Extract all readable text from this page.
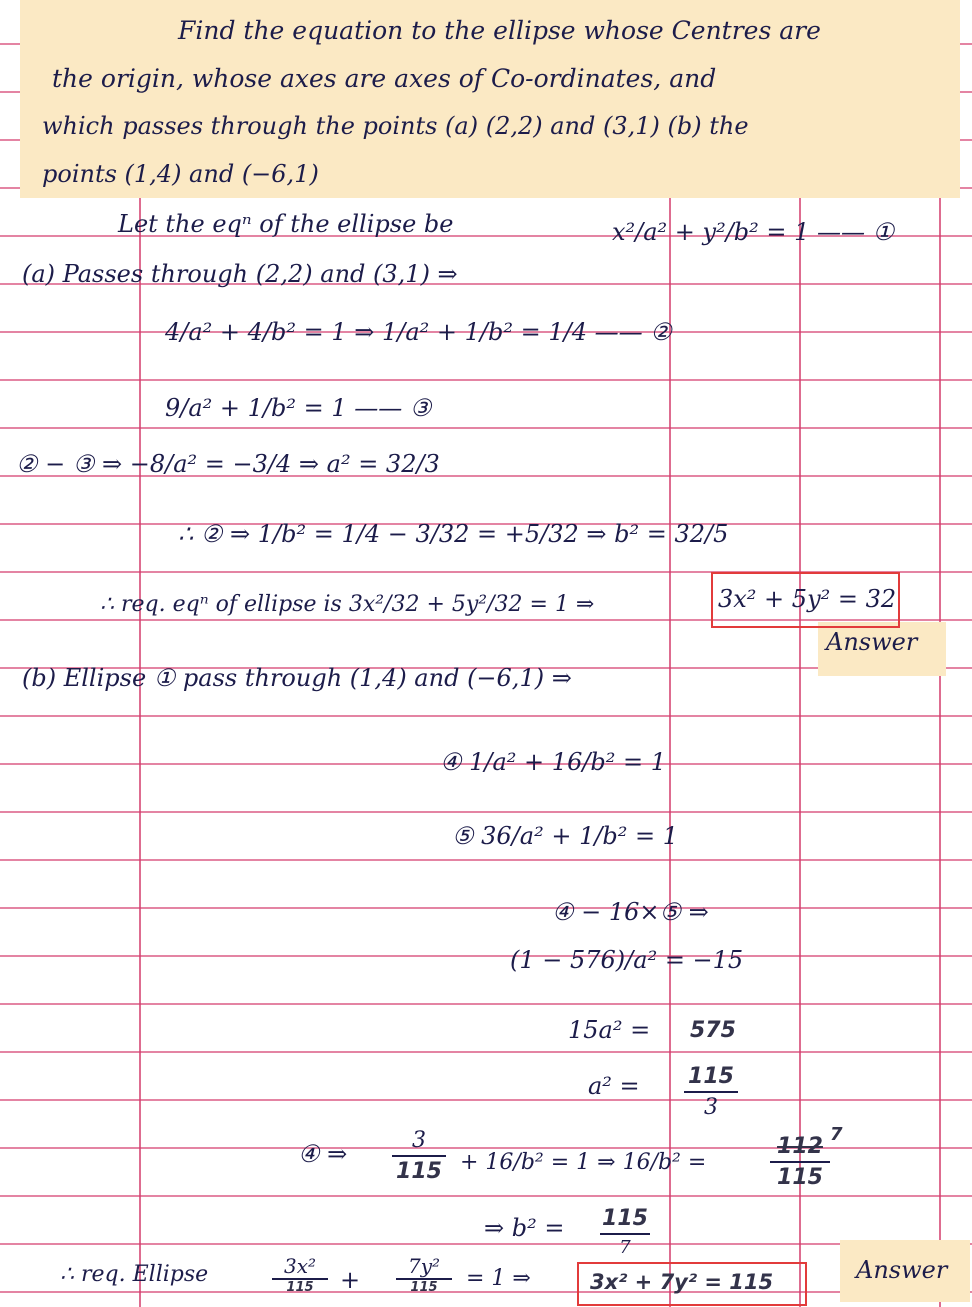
Find the equation to the ellipse whose Centres are
the origin, whose axes are axes of Co-ordinates, and
which passes through the points (a) (2,2) and (3,1) (b) the
points (1,4) and (−6,1)
Let the eqⁿ of the ellipse be	x²/a² + y²/b² = 1 —— ①
(a) Passes through (2,2) and (3,1) ⇒
4/a² + 4/b² = 1 ⇒ 1/a² + 1/b² = 1/4 —— ②
9/a² + 1/b² = 1 —— ③
② − ③ ⇒ −8/a² = −3/4 ⇒ a² = 32/3
∴ ② ⇒ 1/b² = 1/4 − 3/32 = +5/32 ⇒ b² = 32/5
∴ req. eqⁿ of ellipse is 3x²/32 + 5y²/32 = 1 ⇒	3x² + 5y² = 32
Answer
(b) Ellipse ① pass through (1,4) and (−6,1) ⇒
④ 1/a² + 16/b² = 1
⑤ 36/a² + 1/b² = 1
④ − 16×⑤ ⇒
(1 − 576)/a² = −15
15a² = 575
a² = 115
3
④ ⇒	3
115 + 16/b² = 1 ⇒ 16/b² =
112
115
7
⇒ b² = 115
7
∴ req. Ellipse	3x²
115	+	7y²
115	= 1 ⇒	3x² + 7y² = 115	Answer
